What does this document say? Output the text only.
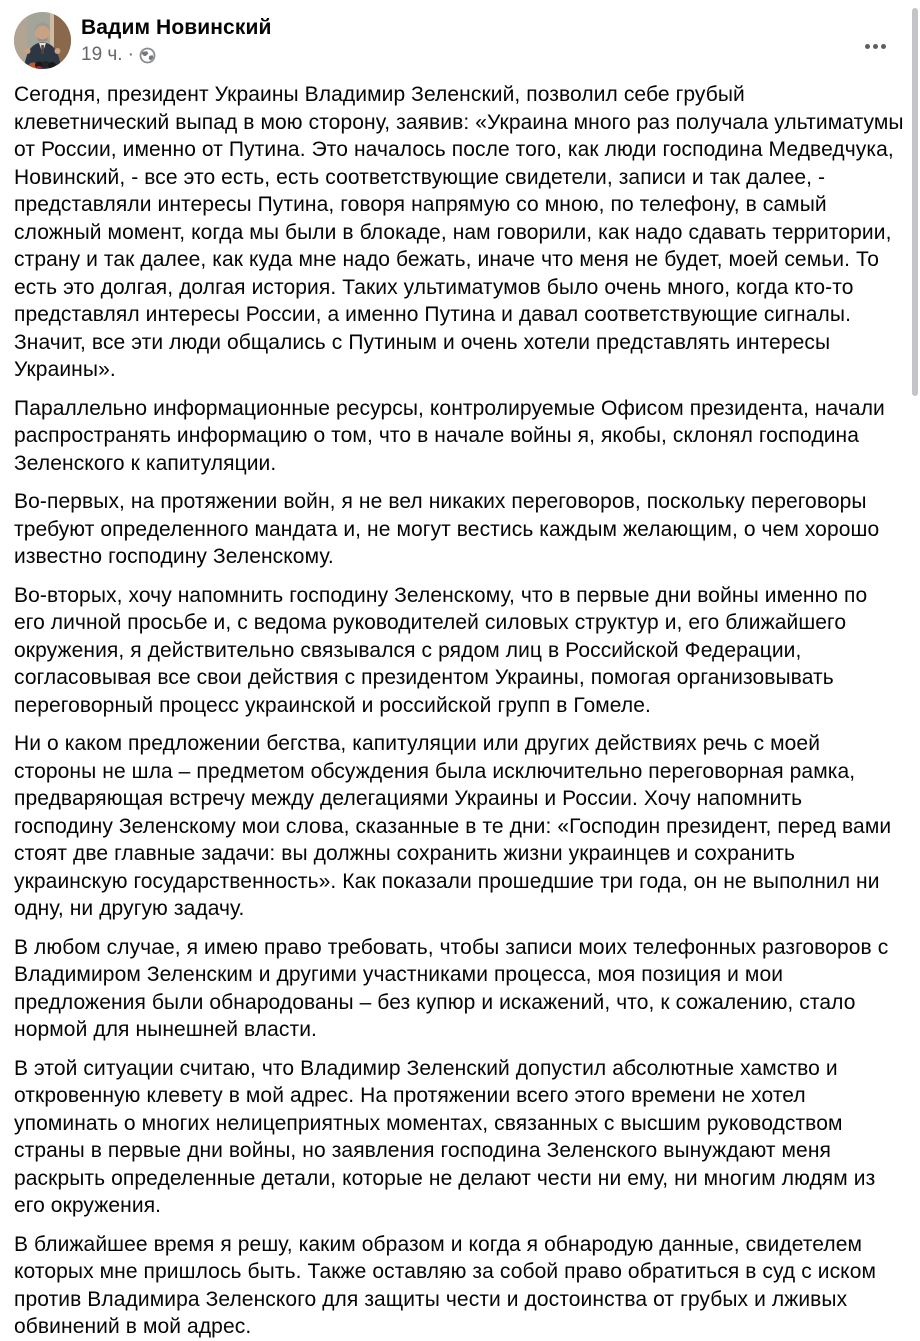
Вадим Новинский
19 ч. ·

Сегодня, президент Украины Владимир Зеленский, позволил себе грубый клеветнический выпад в мою сторону, заявив: «Украина много раз получала ультиматумы от России, именно от Путина. Это началось после того, как люди господина Медведчука, Новинский, - все это есть, есть соответствующие свидетели, записи и так далее, - представляли интересы Путина, говоря напрямую со мною, по телефону, в самый сложный момент, когда мы были в блокаде, нам говорили, как надо сдавать территории, страну и так далее, как куда мне надо бежать, иначе что меня не будет, моей семьи. То есть это долгая, долгая история. Таких ультиматумов было очень много, когда кто-то представлял интересы России, а именно Путина и давал соответствующие сигналы. Значит, все эти люди общались с Путиным и очень хотели представлять интересы Украины».

Параллельно информационные ресурсы, контролируемые Офисом президента, начали распространять информацию о том, что в начале войны я, якобы, склонял господина Зеленского к капитуляции.

Во-первых, на протяжении войн, я не вел никаких переговоров, поскольку переговоры требуют определенного мандата и, не могут вестись каждым желающим, о чем хорошо известно господину Зеленскому.

Во-вторых, хочу напомнить господину Зеленскому, что в первые дни войны именно по его личной просьбе и, с ведома руководителей силовых структур и, его ближайшего окружения, я действительно связывался с рядом лиц в Российской Федерации, согласовывая все свои действия с президентом Украины, помогая организовывать переговорный процесс украинской и российской групп в Гомеле.

Ни о каком предложении бегства, капитуляции или других действиях речь с моей стороны не шла – предметом обсуждения была исключительно переговорная рамка, предваряющая встречу между делегациями Украины и России. Хочу напомнить господину Зеленскому мои слова, сказанные в те дни: «Господин президент, перед вами стоят две главные задачи: вы должны сохранить жизни украинцев и сохранить украинскую государственность». Как показали прошедшие три года, он не выполнил ни одну, ни другую задачу.

В любом случае, я имею право требовать, чтобы записи моих телефонных разговоров с Владимиром Зеленским и другими участниками процесса, моя позиция и мои предложения были обнародованы – без купюр и искажений, что, к сожалению, стало нормой для нынешней власти.

В этой ситуации считаю, что Владимир Зеленский допустил абсолютные хамство и откровенную клевету в мой адрес. На протяжении всего этого времени не хотел упоминать о многих нелицеприятных моментах, связанных с высшим руководством страны в первые дни войны, но заявления господина Зеленского вынуждают меня раскрыть определенные детали, которые не делают чести ни ему, ни многим людям из его окружения.

В ближайшее время я решу, каким образом и когда я обнародую данные, свидетелем которых мне пришлось быть. Также оставляю за собой право обратиться в суд с иском против Владимира Зеленского для защиты чести и достоинства от грубых и лживых обвинений в мой адрес.
